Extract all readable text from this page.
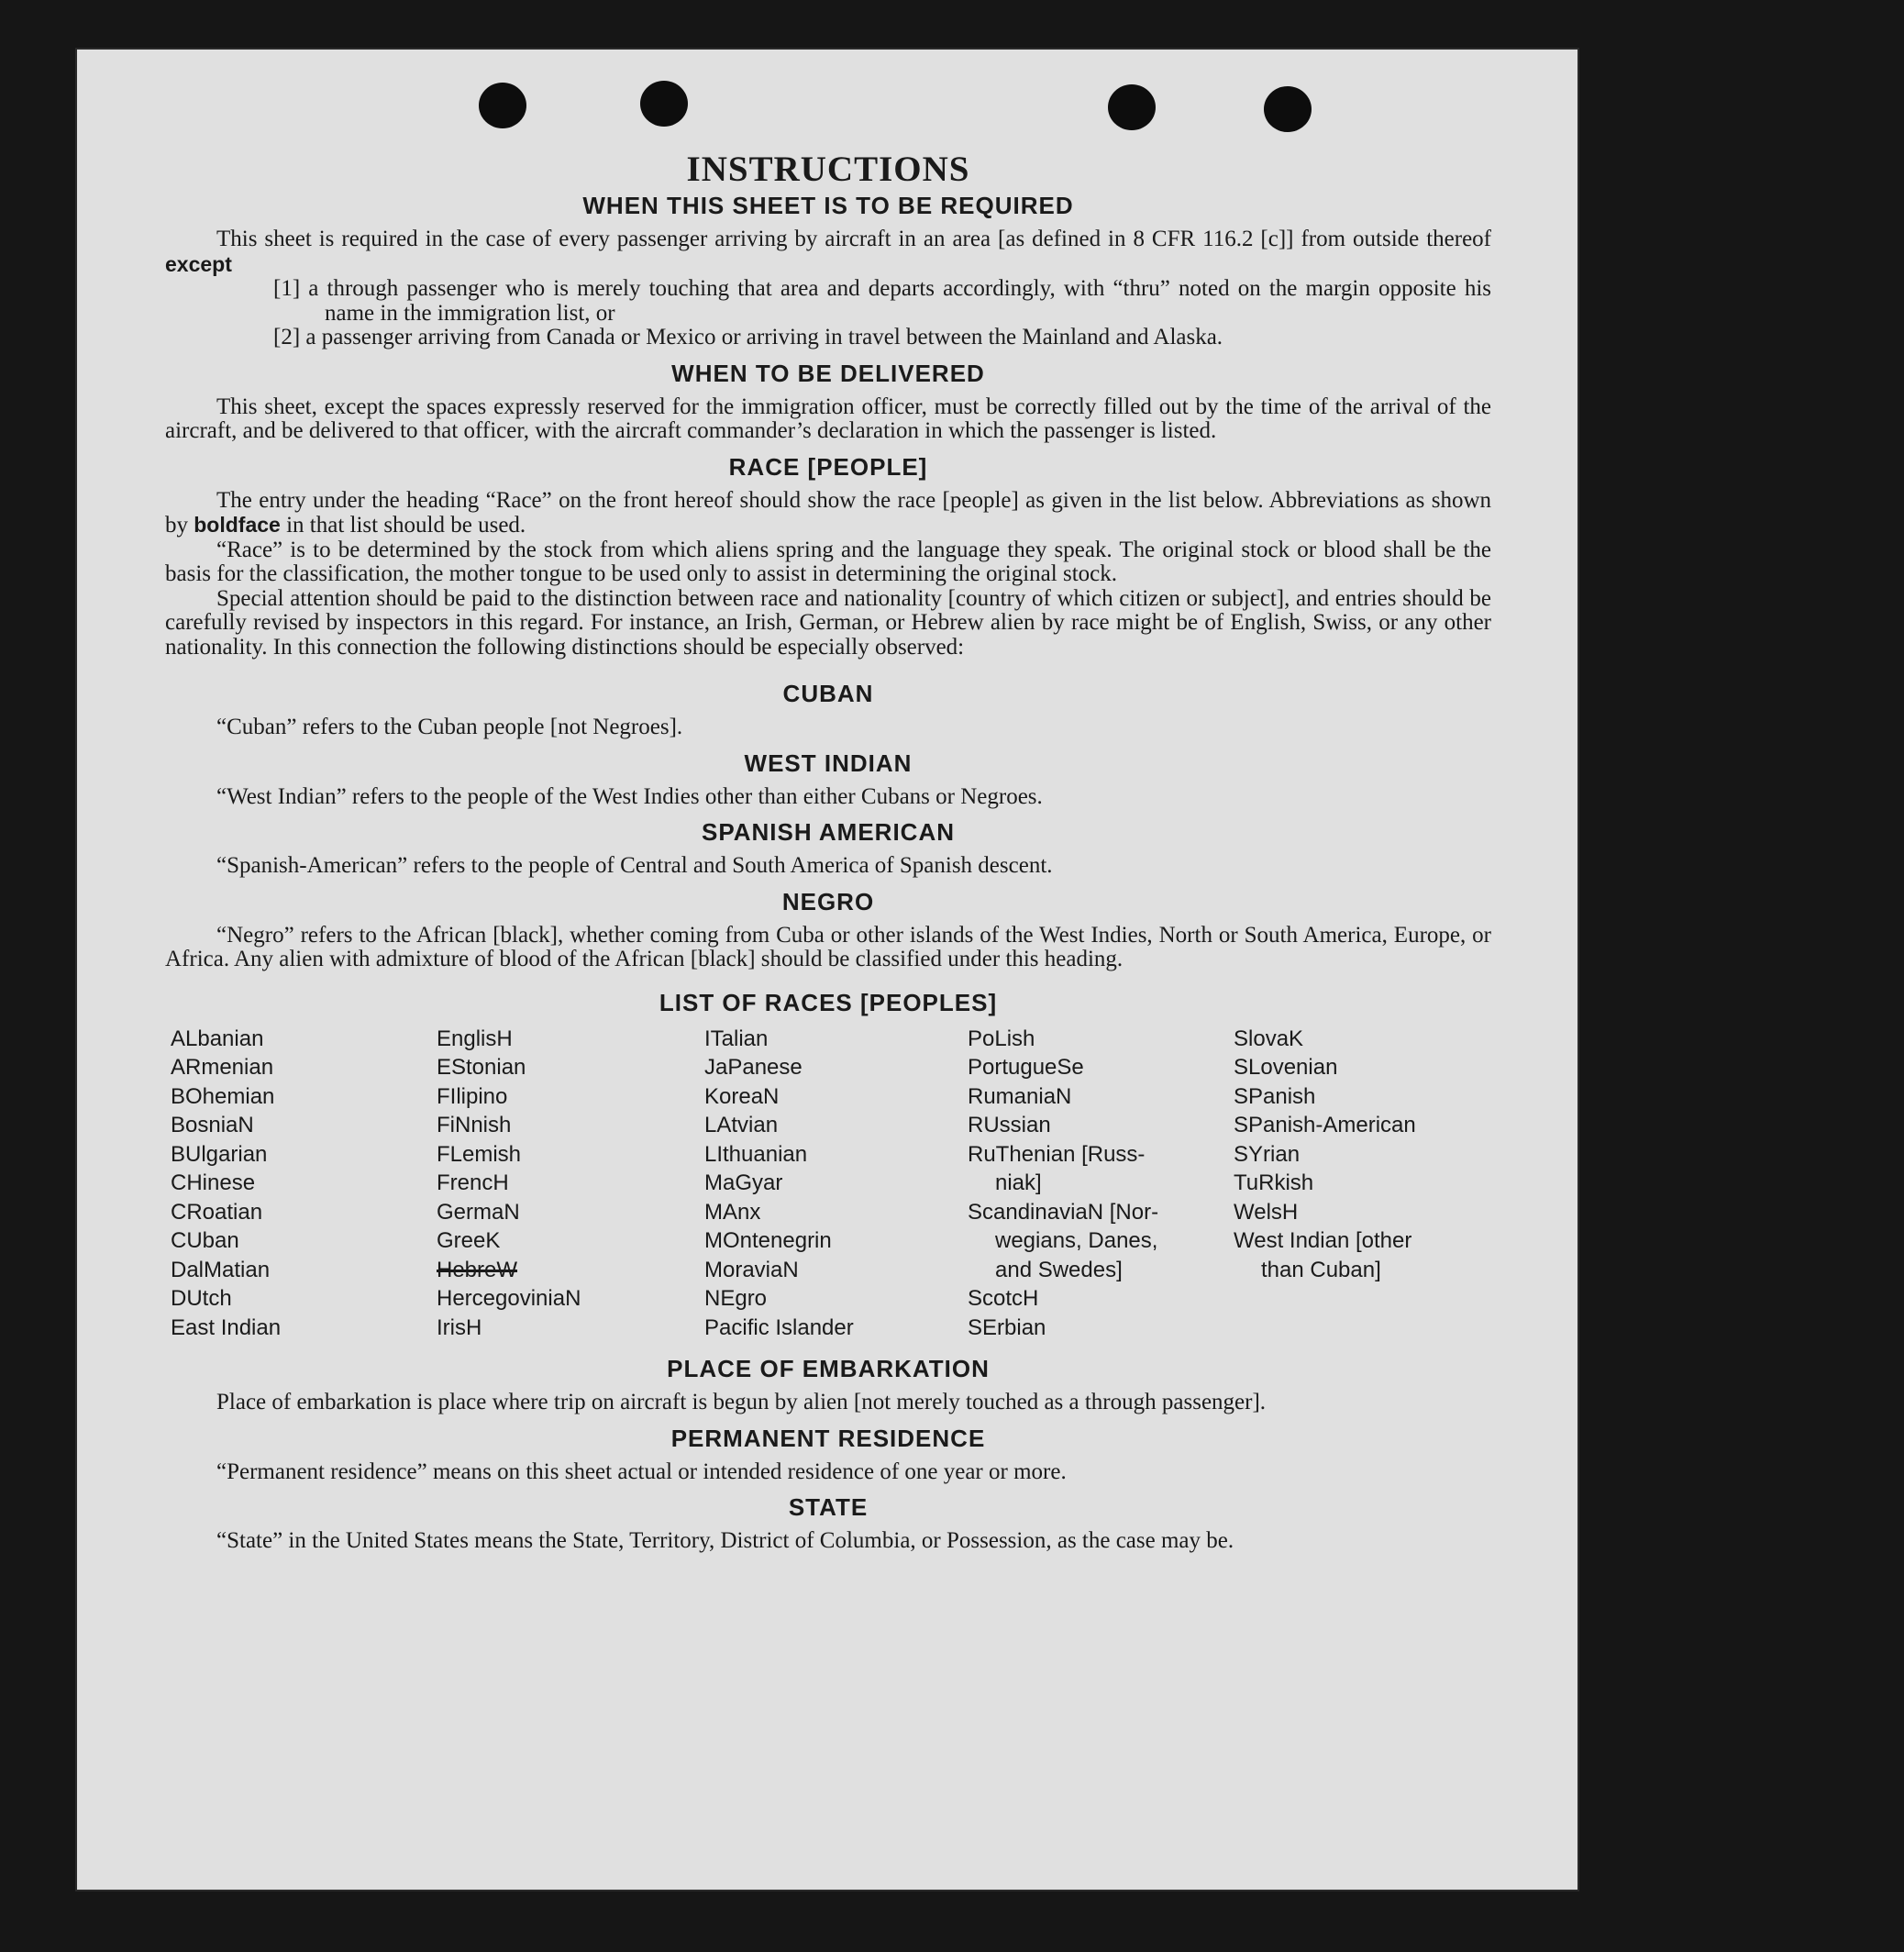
INSTRUCTIONS
WHEN THIS SHEET IS TO BE REQUIRED

This sheet is required in the case of every passenger arriving by aircraft in an area [as defined in 8 CFR 116.2 [c]] from outside thereof except

[1] a through passenger who is merely touching that area and departs accordingly, with “thru” noted on the margin opposite his name in the immigration list, or

[2] a passenger arriving from Canada or Mexico or arriving in travel between the Mainland and Alaska.

WHEN TO BE DELIVERED

This sheet, except the spaces expressly reserved for the immigration officer, must be correctly filled out by the time of the arrival of the aircraft, and be delivered to that officer, with the aircraft commander’s declaration in which the passenger is listed.

RACE [PEOPLE]

The entry under the heading “Race” on the front hereof should show the race [people] as given in the list below. Abbreviations as shown by boldface in that list should be used.

“Race” is to be determined by the stock from which aliens spring and the language they speak. The original stock or blood shall be the basis for the classification, the mother tongue to be used only to assist in determining the original stock.

Special attention should be paid to the distinction between race and nationality [country of which citizen or subject], and entries should be carefully revised by inspectors in this regard. For instance, an Irish, German, or Hebrew alien by race might be of English, Swiss, or any other nationality. In this connection the following distinctions should be especially observed:

CUBAN

“Cuban” refers to the Cuban people [not Negroes].

WEST INDIAN

“West Indian” refers to the people of the West Indies other than either Cubans or Negroes.

SPANISH AMERICAN

“Spanish-American” refers to the people of Central and South America of Spanish descent.

NEGRO

“Negro” refers to the African [black], whether coming from Cuba or other islands of the West Indies, North or South America, Europe, or Africa. Any alien with admixture of blood of the African [black] should be classified under this heading.

LIST OF RACES [PEOPLES]
ALbanian
ARmenian
BOhemian
BosniaN
BUlgarian
CHinese
CRoatian
CUban
DalMatian
DUtch
East Indian
EnglisH
EStonian
FIlipino
FiNnish
FLemish
FrencH
GermaN
GreeK
HebreW
HercegoviniaN
IrisH
ITalian
JaPanese
KoreaN
LAtvian
LIthuanian
MaGyar
MAnx
MOntenegrin
MoraviaN
NEgro
Pacific Islander
PoLish
PortugueSe
RumaniaN
RUssian
RuThenian [Russ-
niak]
ScandinaviaN [Nor-
wegians, Danes,
and Swedes]
ScotcH
SErbian
SlovaK
SLovenian
SPanish
SPanish-American
SYrian
TuRkish
WelsH
West Indian [other
than Cuban]
PLACE OF EMBARKATION

Place of embarkation is place where trip on aircraft is begun by alien [not merely touched as a through passenger].

PERMANENT RESIDENCE

“Permanent residence” means on this sheet actual or intended residence of one year or more.

STATE

“State” in the United States means the State, Territory, District of Columbia, or Possession, as the case may be.
